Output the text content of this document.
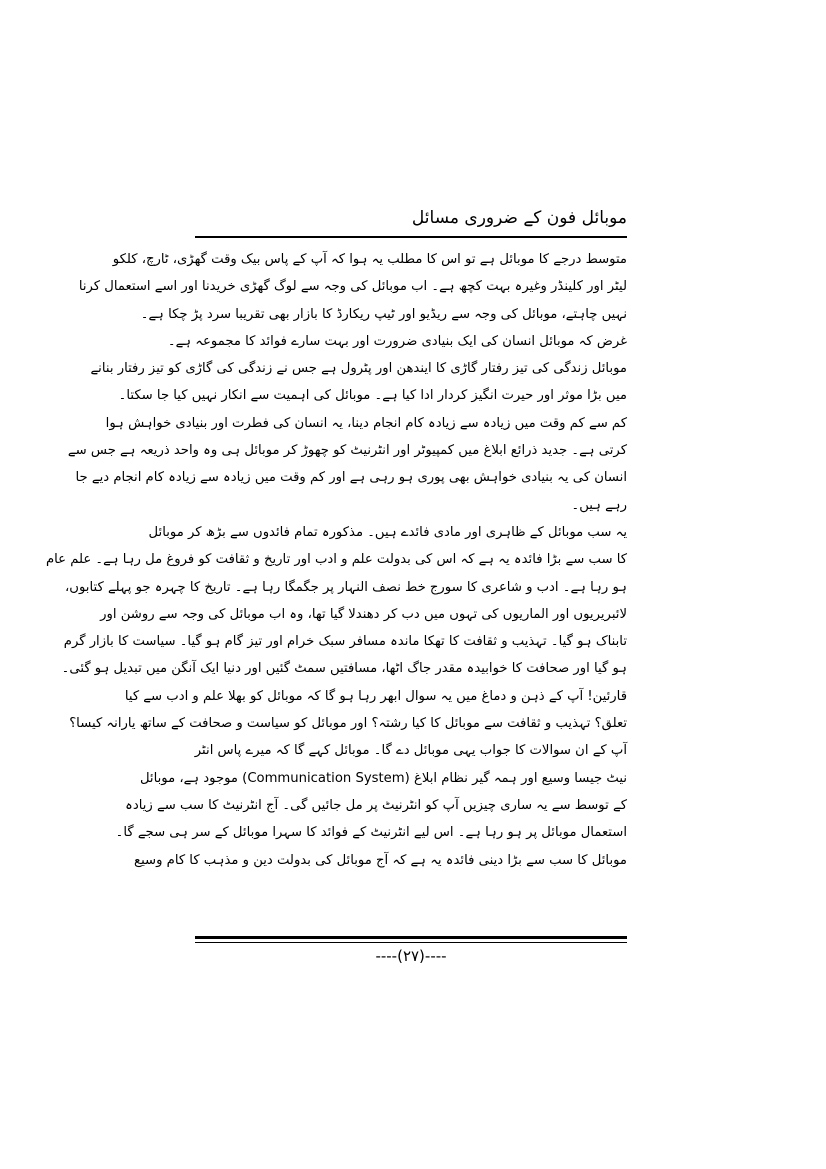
موبائل فون کے ضروری مسائل
متوسط درجے کا موبائل ہے تو اس کا مطلب یہ ہوا کہ آپ کے پاس بیک وقت گھڑی، ٹارچ، کلکو
لیٹر اور کلینڈر وغیرہ بہت کچھ ہے۔ اب موبائل کی وجہ سے لوگ گھڑی خریدنا اور اسے استعمال کرنا
نہیں چاہتے، موبائل کی وجہ سے ریڈیو اور ٹیپ ریکارڈ کا بازار بھی تقریبا سرد پڑ چکا ہے۔
غرض کہ موبائل انسان کی ایک بنیادی ضرورت اور بہت سارے فوائد کا مجموعہ ہے۔
موبائل زندگی کی تیز رفتار گاڑی کا ایندھن اور پٹرول ہے جس نے زندگی کی گاڑی کو تیز رفتار بنانے
میں بڑا موثر اور حیرت انگیز کردار ادا کیا ہے۔ موبائل کی اہمیت سے انکار نہیں کیا جا سکتا۔
کم سے کم وقت میں زیادہ سے زیادہ کام انجام دینا، یہ انسان کی فطرت اور بنیادی خواہش ہوا
کرتی ہے۔ جدید ذرائع ابلاغ میں کمپیوٹر اور انٹرنیٹ کو چھوڑ کر موبائل ہی وہ واحد ذریعہ ہے جس سے
انسان کی یہ بنیادی خواہش بھی پوری ہو رہی ہے اور کم وقت میں زیادہ سے زیادہ کام انجام دیے جا
رہے ہیں۔
یہ سب موبائل کے ظاہری اور مادی فائدے ہیں۔ مذکورہ تمام فائدوں سے بڑھ کر موبائل
کا سب سے بڑا فائدہ یہ ہے کہ اس کی بدولت علم و ادب اور تاریخ و ثقافت کو فروغ مل رہا ہے۔ علم عام
ہو رہا ہے۔ ادب و شاعری کا سورج خط نصف النہار پر جگمگا رہا ہے۔ تاریخ کا چہرہ جو پہلے کتابوں،
لائبریریوں اور الماریوں کی تہوں میں دب کر دھندلا گیا تھا، وہ اب موبائل کی وجہ سے روشن اور
تابناک ہو گیا۔ تہذیب و ثقافت کا تھکا ماندہ مسافر سبک خرام اور تیز گام ہو گیا۔ سیاست کا بازار گرم
ہو گیا اور صحافت کا خوابیدہ مقدر جاگ اٹھا، مسافتیں سمٹ گئیں اور دنیا ایک آنگن میں تبدیل ہو گئی۔
قارئین! آپ کے ذہن و دماغ میں یہ سوال ابھر رہا ہو گا کہ موبائل کو بھلا علم و ادب سے کیا
تعلق؟ تہذیب و ثقافت سے موبائل کا کیا رشتہ؟ اور موبائل کو سیاست و صحافت کے ساتھ یارانہ کیسا؟
آپ کے ان سوالات کا جواب یہی موبائل دے گا۔ موبائل کہے گا کہ میرے پاس انٹر
نیٹ جیسا وسیع اور ہمہ گیر نظام ابلاغ (Communication System) موجود ہے، موبائل
کے توسط سے یہ ساری چیزیں آپ کو انٹرنیٹ پر مل جائیں گی۔ آج انٹرنیٹ کا سب سے زیادہ
استعمال موبائل پر ہو رہا ہے۔ اس لیے انٹرنیٹ کے فوائد کا سہرا موبائل کے سر ہی سجے گا۔
موبائل کا سب سے بڑا دینی فائدہ یہ ہے کہ آج موبائل کی بدولت دین و مذہب کا کام وسیع
----(۲۷)----
